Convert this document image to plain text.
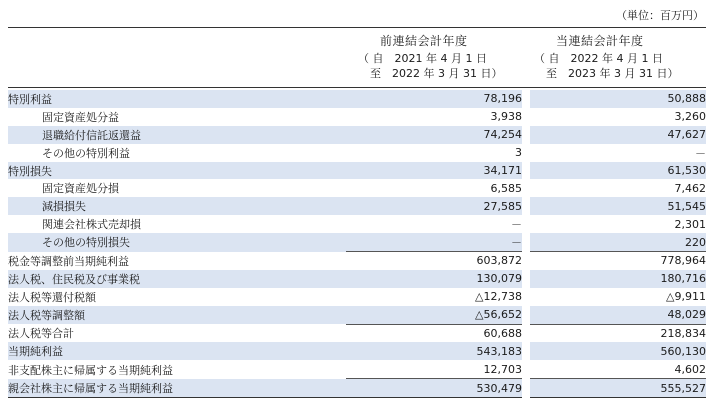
（単位：百万円）
前連結会計年度
（ 自　2021 年 4 月 1 日
至　2022 年 3 月 31 日）
当連結会計年度
（ 自　2022 年 4 月 1 日
至　2023 年 3 月 31 日）
特別利益	78,196		50,888
固定資産処分益	3,938		3,260
退職給付信託返還益	74,254		47,627
その他の特別利益	3		－
特別損失	34,171		61,530
固定資産処分損	6,585		7,462
減損損失	27,585		51,545
関連会社株式売却損	－		2,301
その他の特別損失	－		220
税金等調整前当期純利益	603,872		778,964
法人税、住民税及び事業税	130,079		180,716
法人税等還付税額	△12,738		△9,911
法人税等調整額	△56,652		48,029
法人税等合計	60,688		218,834
当期純利益	543,183		560,130
非支配株主に帰属する当期純利益	12,703		4,602
親会社株主に帰属する当期純利益	530,479		555,527
